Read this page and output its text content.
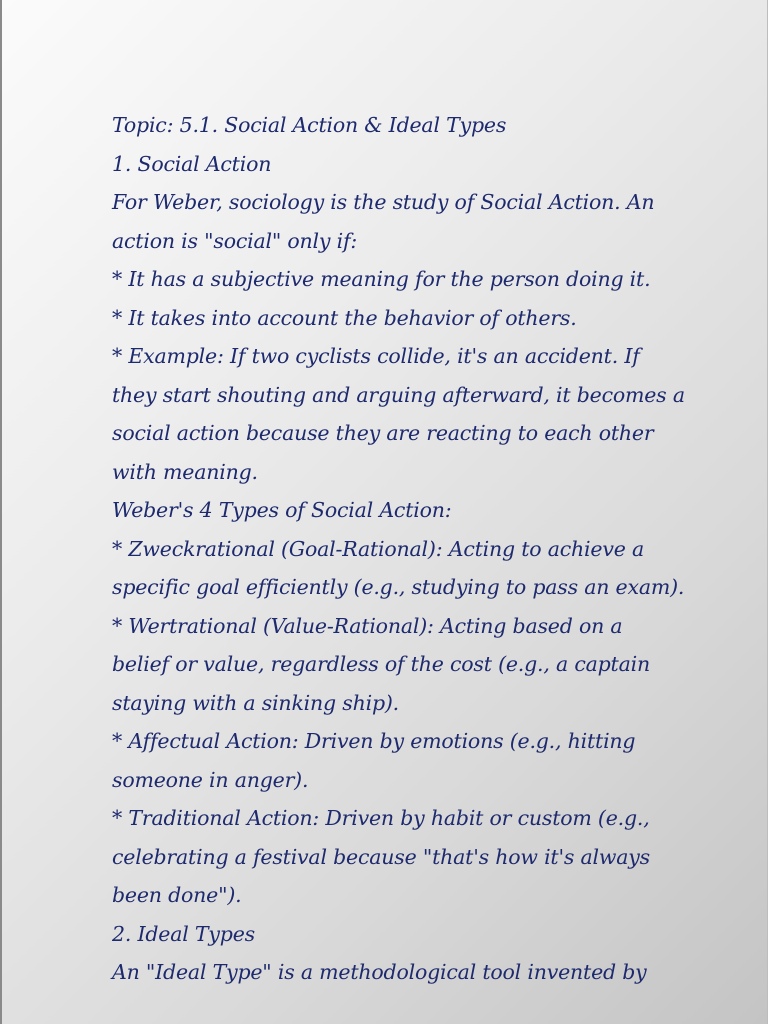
Topic: 5.1. Social Action & Ideal Types
1. Social Action
For Weber, sociology is the study of Social Action. An
action is "social" only if:
* It has a subjective meaning for the person doing it.
* It takes into account the behavior of others.
* Example: If two cyclists collide, it's an accident. If
they start shouting and arguing afterward, it becomes a
social action because they are reacting to each other
with meaning.
Weber's 4 Types of Social Action:
* Zweckrational (Goal-Rational): Acting to achieve a
specific goal efficiently (e.g., studying to pass an exam).
* Wertrational (Value-Rational): Acting based on a
belief or value, regardless of the cost (e.g., a captain
staying with a sinking ship).
* Affectual Action: Driven by emotions (e.g., hitting
someone in anger).
* Traditional Action: Driven by habit or custom (e.g.,
celebrating a festival because "that's how it's always
been done").
2. Ideal Types
An "Ideal Type" is a methodological tool invented by
